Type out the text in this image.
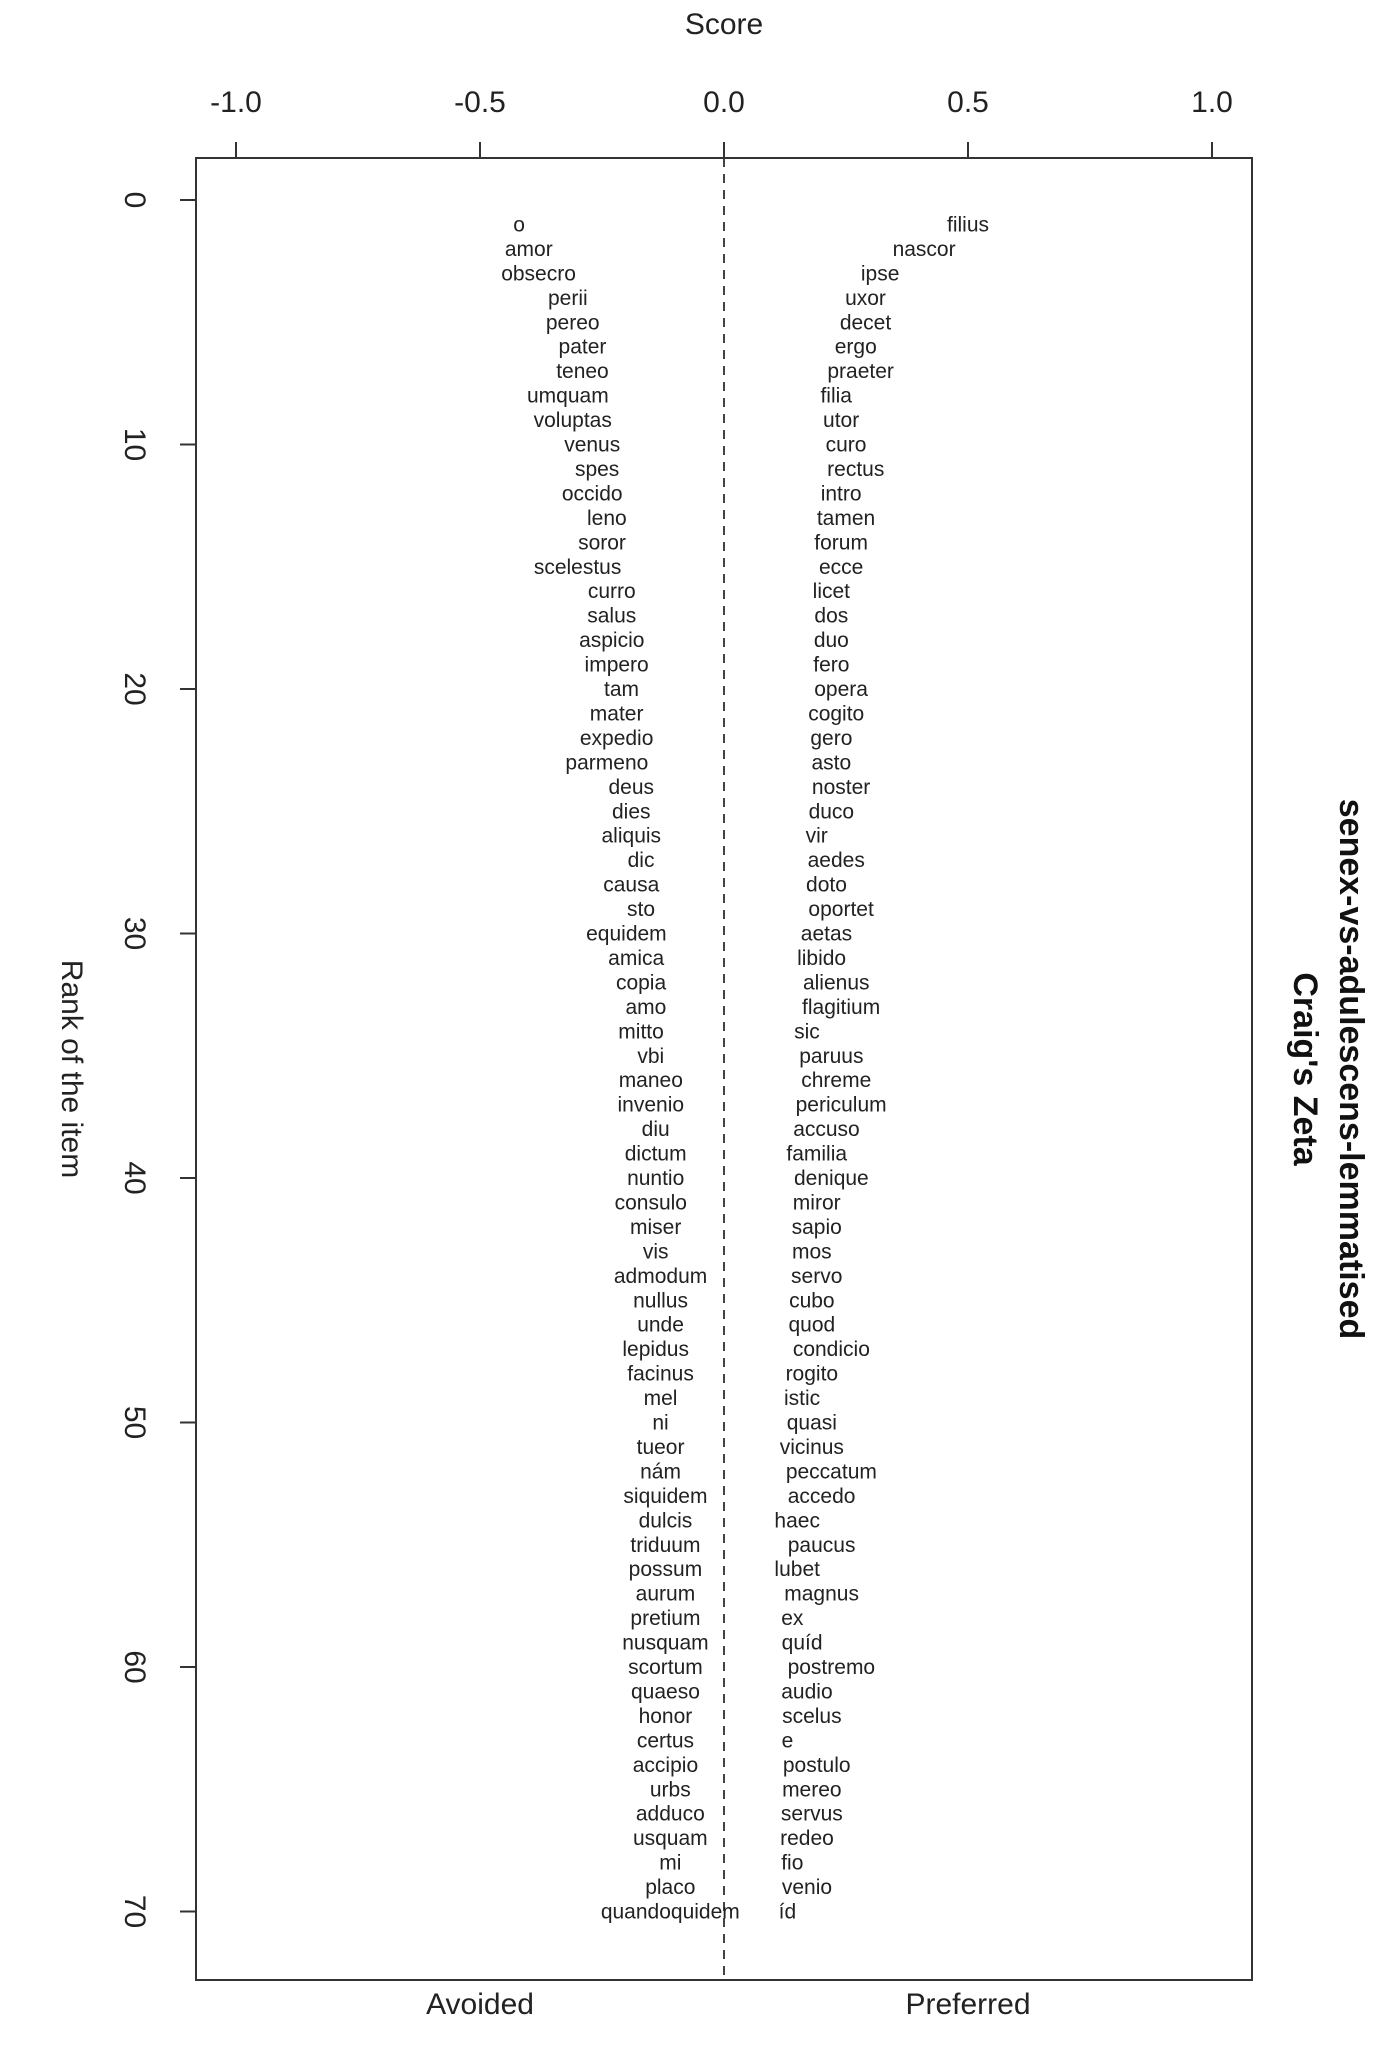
-1.0	-0.5	0.0	0.5	1.0
0
10
20
30
40
50
60
70
o
amor
obsecro
perii
pereo
pater
teneo
umquam
voluptas
venus
spes
occido
leno
soror
scelestus
curro
salus
aspicio
impero
tam
mater
expedio
parmeno
deus
dies
aliquis
dic
causa
sto
equidem
amica
copia
amo
mitto
vbi
maneo
invenio
diu
dictum
nuntio
consulo
miser
vis
admodum
nullus
unde
lepidus
facinus
mel
ni
tueor
nám
siquidem
dulcis
triduum
possum
aurum
pretium
nusquam
scortum
quaeso
honor
certus
accipio
urbs
adduco
usquam
mi
placo
quandoquidem
filius
nascor
ipse
uxor
decet
ergo
praeter
filia
utor
curo
rectus
intro
tamen
forum
ecce
licet
dos
duo
fero
opera
cogito
gero
asto
noster
duco
vir
aedes
doto
oportet
aetas
libido
alienus
flagitium
sic
paruus
chreme
periculum
accuso
familia
denique
miror
sapio
mos
servo
cubo
quod
condicio
rogito
istic
quasi
vicinus
peccatum
accedo
haec
paucus
lubet
magnus
ex
quíd
postremo
audio
scelus
e
postulo
mereo
servus
redeo
fio
venio
íd
Score
Rank of the item
Avoided	Preferred
senex-vs-adulescens-lemmatised
Craig's Zeta
